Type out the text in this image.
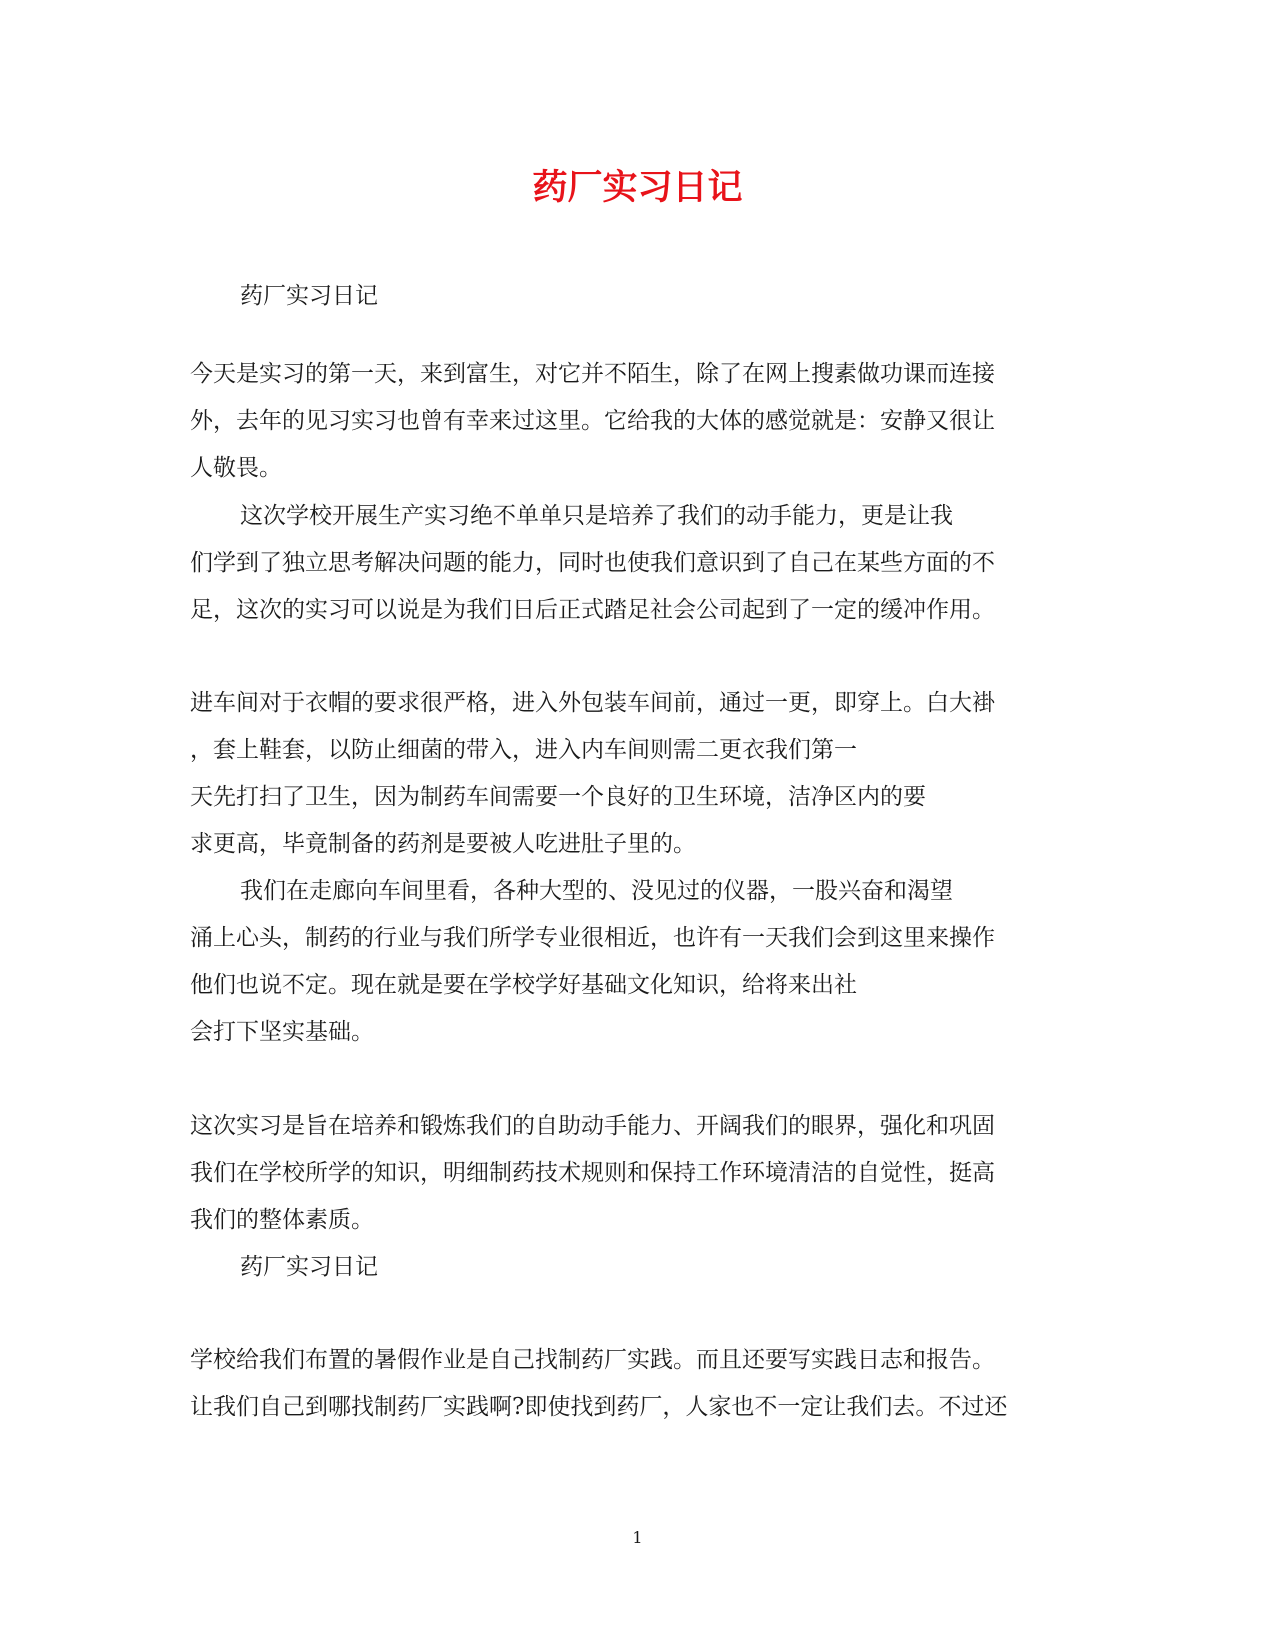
药厂实习日记
药厂实习日记
今天是实习的第一天，来到富生，对它并不陌生，除了在网上搜素做功课而连接
外，去年的见习实习也曾有幸来过这里。它给我的大体的感觉就是：安静又很让
人敬畏。
这次学校开展生产实习绝不单单只是培养了我们的动手能力，更是让我
们学到了独立思考解决问题的能力，同时也使我们意识到了自己在某些方面的不
足，这次的实习可以说是为我们日后正式踏足社会公司起到了一定的缓冲作用。
进车间对于衣帽的要求很严格，进入外包装车间前，通过一更，即穿上。白大褂
，套上鞋套，以防止细菌的带入，进入内车间则需二更衣我们第一
天先打扫了卫生，因为制药车间需要一个良好的卫生环境，洁净区内的要
求更高，毕竟制备的药剂是要被人吃进肚子里的。
我们在走廊向车间里看，各种大型的、没见过的仪器，一股兴奋和渴望
涌上心头，制药的行业与我们所学专业很相近，也许有一天我们会到这里来操作
他们也说不定。现在就是要在学校学好基础文化知识，给将来出社
会打下坚实基础。
这次实习是旨在培养和锻炼我们的自助动手能力、开阔我们的眼界，强化和巩固
我们在学校所学的知识，明细制药技术规则和保持工作环境清洁的自觉性，挺高
我们的整体素质。
药厂实习日记
学校给我们布置的暑假作业是自己找制药厂实践。而且还要写实践日志和报告。
让我们自己到哪找制药厂实践啊?即使找到药厂，人家也不一定让我们去。不过还
1
